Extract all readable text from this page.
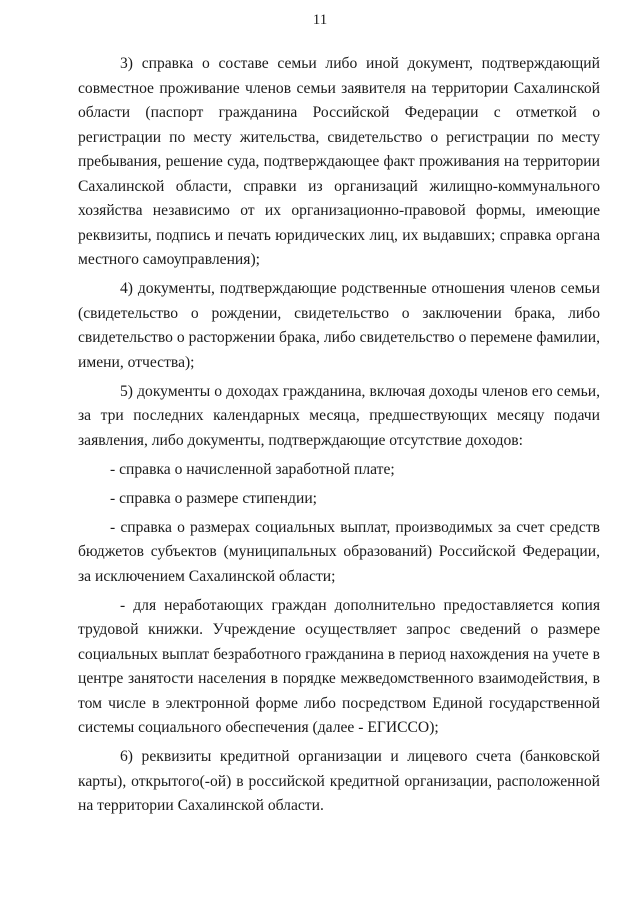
11

3) справка о составе семьи либо иной документ, подтверждающий совместное проживание членов семьи заявителя на территории Сахалинской области (паспорт гражданина Российской Федерации с отметкой о регистрации по месту жительства, свидетельство о регистрации по месту пребывания, решение суда, подтверждающее факт проживания на территории Сахалинской области, справки из организаций жилищно-коммунального хозяйства независимо от их организационно-правовой формы, имеющие реквизиты, подпись и печать юридических лиц, их выдавших; справка органа местного самоуправления);

4) документы, подтверждающие родственные отношения членов семьи (свидетельство о рождении, свидетельство о заключении брака, либо свидетельство о расторжении брака, либо свидетельство о перемене фамилии, имени, отчества);

5) документы о доходах гражданина, включая доходы членов его семьи, за три последних календарных месяца, предшествующих месяцу подачи заявления, либо документы, подтверждающие отсутствие доходов:

- справка о начисленной заработной плате;

- справка о размере стипендии;

- справка о размерах социальных выплат, производимых за счет средств бюджетов субъектов (муниципальных образований) Российской Федерации, за исключением Сахалинской области;

- для неработающих граждан дополнительно предоставляется копия трудовой книжки. Учреждение осуществляет запрос сведений о размере социальных выплат безработного гражданина в период нахождения на учете в центре занятости населения в порядке межведомственного взаимодействия, в том числе в электронной форме либо посредством Единой государственной системы социального обеспечения (далее - ЕГИССО);

6) реквизиты кредитной организации и лицевого счета (банковской карты), открытого(-ой) в российской кредитной организации, расположенной на территории Сахалинской области.
